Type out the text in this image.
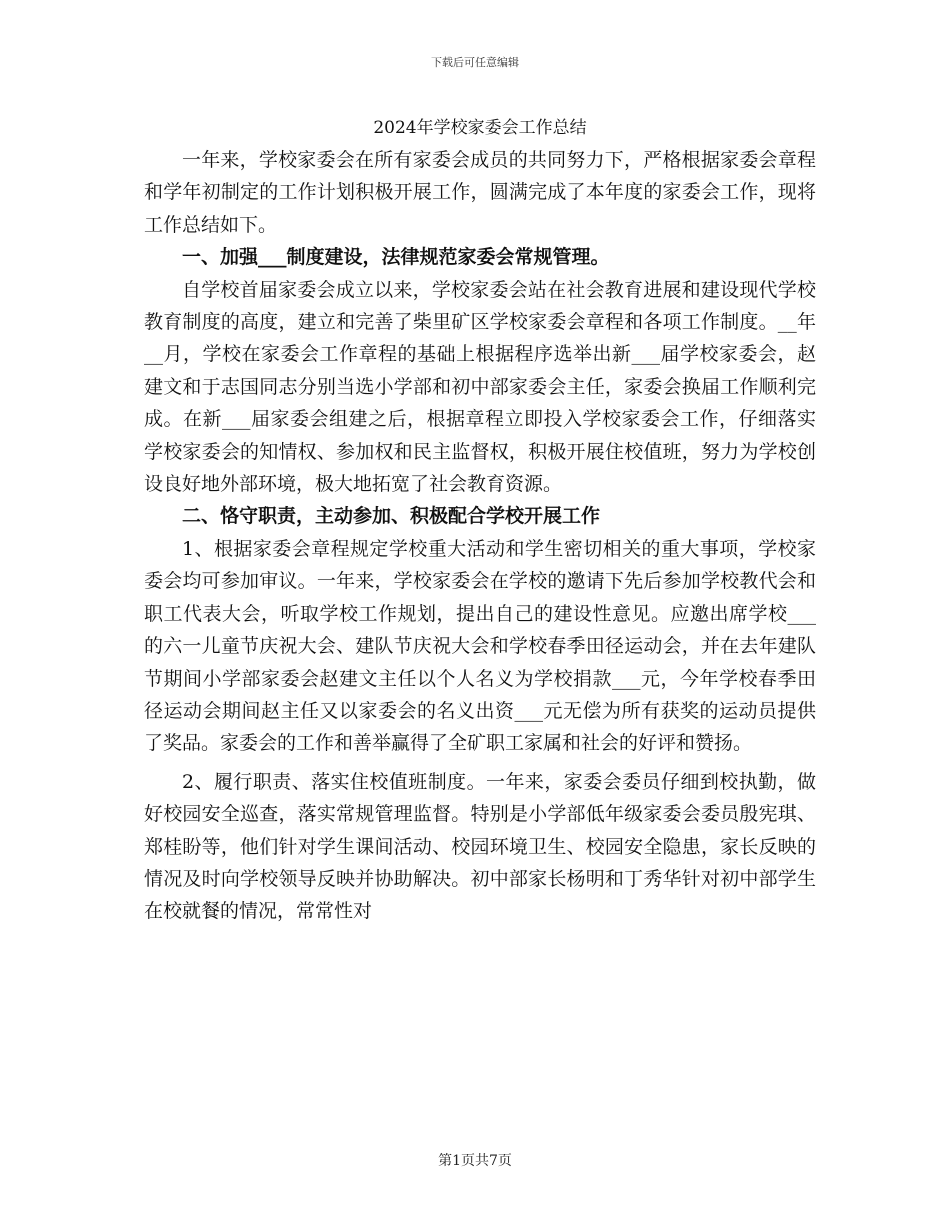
下载后可任意编辑
2024年学校家委会工作总结

一年来，学校家委会在所有家委会成员的共同努力下，严格根据家委会章程和学年初制定的工作计划积极开展工作，圆满完成了本年度的家委会工作，现将工作总结如下。

一、加强___制度建设，法律规范家委会常规管理。

自学校首届家委会成立以来，学校家委会站在社会教育进展和建设现代学校教育制度的高度，建立和完善了柴里矿区学校家委会章程和各项工作制度。__年__月，学校在家委会工作章程的基础上根据程序选举出新___届学校家委会，赵建文和于志国同志分别当选小学部和初中部家委会主任，家委会换届工作顺利完成。在新___届家委会组建之后，根据章程立即投入学校家委会工作，仔细落实学校家委会的知情权、参加权和民主监督权，积极开展住校值班，努力为学校创设良好地外部环境，极大地拓宽了社会教育资源。

二、恪守职责，主动参加、积极配合学校开展工作

1、根据家委会章程规定学校重大活动和学生密切相关的重大事项，学校家委会均可参加审议。一年来，学校家委会在学校的邀请下先后参加学校教代会和职工代表大会，听取学校工作规划，提出自己的建设性意见。应邀出席学校___的六一儿童节庆祝大会、建队节庆祝大会和学校春季田径运动会，并在去年建队节期间小学部家委会赵建文主任以个人名义为学校捐款___元，今年学校春季田径运动会期间赵主任又以家委会的名义出资___元无偿为所有获奖的运动员提供了奖品。家委会的工作和善举赢得了全矿职工家属和社会的好评和赞扬。

2、履行职责、落实住校值班制度。一年来，家委会委员仔细到校执勤，做好校园安全巡查，落实常规管理监督。特别是小学部低年级家委会委员殷宪琪、郑桂盼等，他们针对学生课间活动、校园环境卫生、校园安全隐患，家长反映的情况及时向学校领导反映并协助解决。初中部家长杨明和丁秀华针对初中部学生在校就餐的情况，常常性对

第1页共7页
